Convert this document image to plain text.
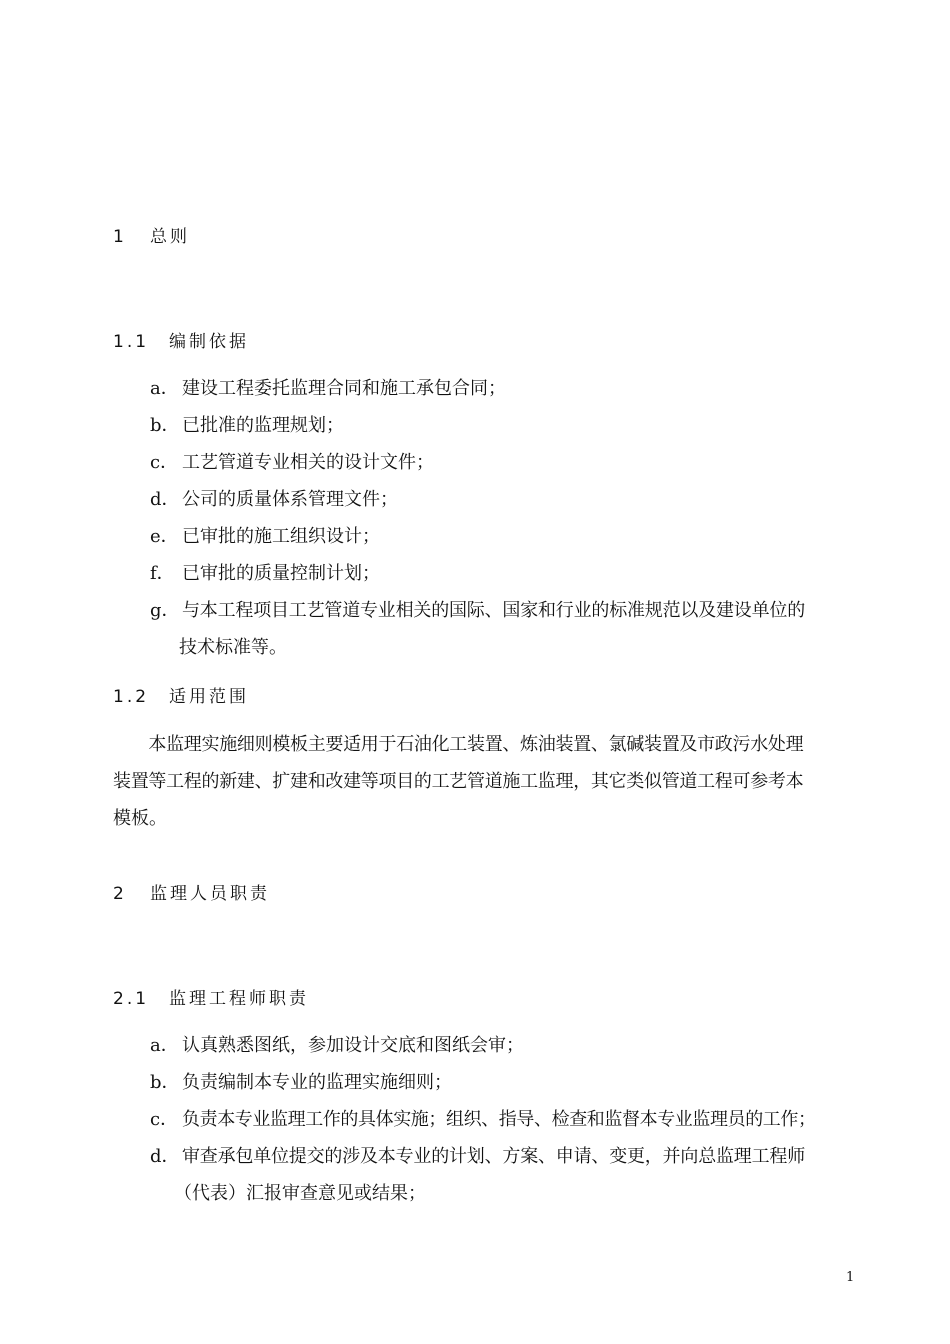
1 总则
1.1 编制依据
a． 建设工程委托监理合同和施工承包合同；
b． 已批准的监理规划；
c． 工艺管道专业相关的设计文件；
d． 公司的质量体系管理文件；
e． 已审批的施工组织设计；
f． 已审批的质量控制计划；
g． 与本工程项目工艺管道专业相关的国际、国家和行业的标准规范以及建设单位的
技术标准等。
1.2 适用范围
　　本监理实施细则模板主要适用于石油化工装置、炼油装置、氯碱装置及市政污水处理
装置等工程的新建、扩建和改建等项目的工艺管道施工监理，其它类似管道工程可参考本
模板。
2 监理人员职责
2.1 监理工程师职责
a． 认真熟悉图纸，参加设计交底和图纸会审；
b． 负责编制本专业的监理实施细则；
c． 负责本专业监理工作的具体实施；组织、指导、检查和监督本专业监理员的工作；
d． 审查承包单位提交的涉及本专业的计划、方案、申请、变更，并向总监理工程师
（代表）汇报审查意见或结果；
1
